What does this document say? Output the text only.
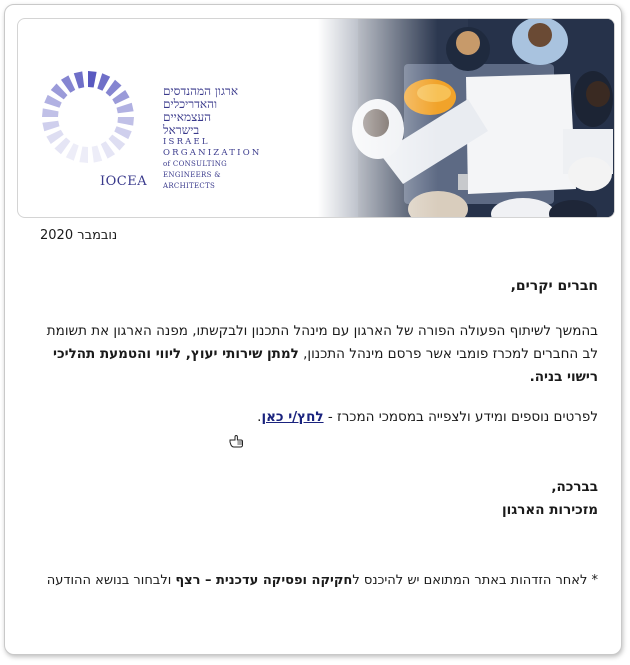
IOCEA
ארגון המהנדסים
והאדריכלים
העצמאיים
בישראל
ISRAEL
ORGANIZATION
of CONSULTING
ENGINEERS & ARCHITECTS
נובמבר 2020
חברים יקרים,
בהמשך לשיתוף הפעולה הפורה של הארגון עם מינהל התכנון ולבקשתו, מפנה הארגון את תשומת לב החברים למכרז פומבי אשר פרסם מינהל התכנון, למתן שירותי יעוץ, ליווי והטמעת תהליכי רישוי בניה.
לפרטים נוספים ומידע ולצפייה במסמכי המכרז - לחץ/י כאן.
בברכה,
מזכירות הארגון
* לאחר הזדהות באתר המתואם יש להיכנס לחקיקה ופסיקה עדכנית – רצף ולבחור בנושא ההודעה
